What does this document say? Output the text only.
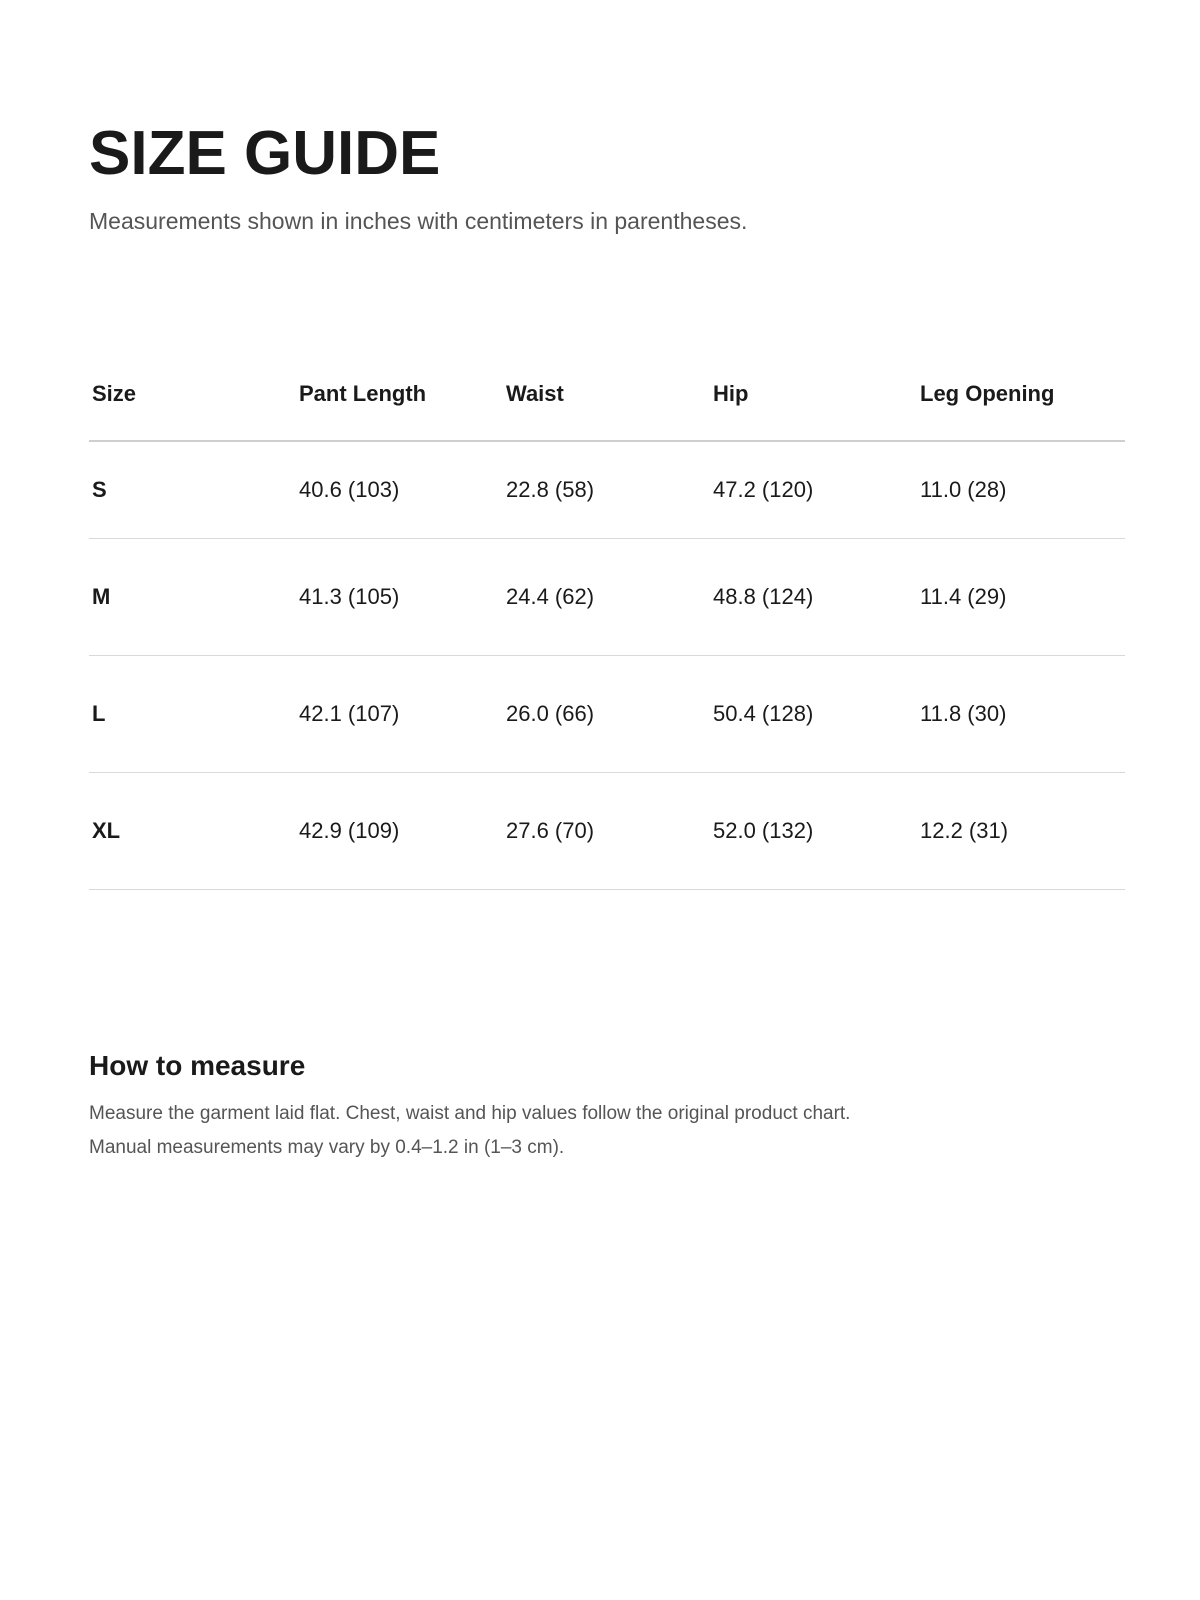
SIZE GUIDE

Measurements shown in inches with centimeters in parentheses.

Size	Pant Length	Waist	Hip	Leg Opening
S	40.6 (103)	22.8 (58)	47.2 (120)	11.0 (28)
M	41.3 (105)	24.4 (62)	48.8 (124)	11.4 (29)
L	42.1 (107)	26.0 (66)	50.4 (128)	11.8 (30)
XL	42.9 (109)	27.6 (70)	52.0 (132)	12.2 (31)
How to measure

Measure the garment laid flat. Chest, waist and hip values follow the original product chart.

Manual measurements may vary by 0.4–1.2 in (1–3 cm).
